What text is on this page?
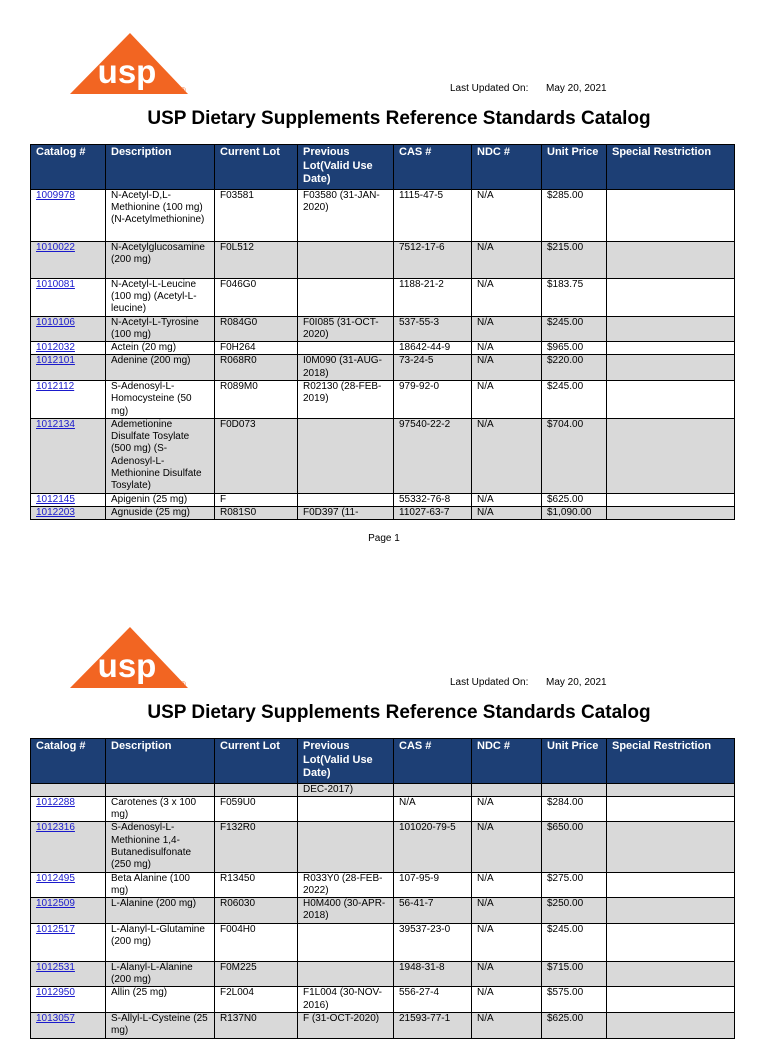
usp
®	Last Updated On: May 20, 2021
USP Dietary Supplements Reference Standards Catalog
Catalog #	Description	Current Lot	Previous Lot(Valid Use Date)	CAS #	NDC #	Unit Price	Special Restriction
1009978	N-Acetyl-D,L-Methionine (100 mg) (N-Acetylmethionine)	F03581	F03580 (31-JAN-2020)	1115-47-5	N/A	$285.00	
1010022	N-Acetylglucosamine (200 mg)	F0L512		7512-17-6	N/A	$215.00	
1010081	N-Acetyl-L-Leucine (100 mg) (Acetyl-L-leucine)	F046G0		1188-21-2	N/A	$183.75	
1010106	N-Acetyl-L-Tyrosine (100 mg)	R084G0	F0I085 (31-OCT-2020)	537-55-3	N/A	$245.00	
1012032	Actein (20 mg)	F0H264		18642-44-9	N/A	$965.00	
1012101	Adenine (200 mg)	R068R0	I0M090 (31-AUG-2018)	73-24-5	N/A	$220.00	
1012112	S-Adenosyl-L-Homocysteine (50 mg)	R089M0	R02130 (28-FEB-2019)	979-92-0	N/A	$245.00	
1012134	Ademetionine Disulfate Tosylate (500 mg) (S-Adenosyl-L-Methionine Disulfate Tosylate)	F0D073		97540-22-2	N/A	$704.00	
1012145	Apigenin (25 mg)	F		55332-76-8	N/A	$625.00	
1012203	Agnuside (25 mg)	R081S0	F0D397 (11-	11027-63-7	N/A	$1,090.00	
Page 1
usp
®	Last Updated On: May 20, 2021
USP Dietary Supplements Reference Standards Catalog
Catalog #	Description	Current Lot	Previous Lot(Valid Use Date)	CAS #	NDC #	Unit Price	Special Restriction
			DEC-2017)				
1012288	Carotenes (3 x 100 mg)	F059U0		N/A	N/A	$284.00	
1012316	S-Adenosyl-L-Methionine 1,4-Butanedisulfonate (250 mg)	F132R0		101020-79-5	N/A	$650.00	
1012495	Beta Alanine (100 mg)	R13450	R033Y0 (28-FEB-2022)	107-95-9	N/A	$275.00	
1012509	L-Alanine (200 mg)	R06030	H0M400 (30-APR-2018)	56-41-7	N/A	$250.00	
1012517	L-Alanyl-L-Glutamine (200 mg)	F004H0		39537-23-0	N/A	$245.00	
1012531	L-Alanyl-L-Alanine (200 mg)	F0M225		1948-31-8	N/A	$715.00	
1012950	Allin (25 mg)	F2L004	F1L004 (30-NOV-2016)	556-27-4	N/A	$575.00	
1013057	S-Allyl-L-Cysteine (25 mg)	R137N0	F (31-OCT-2020)	21593-77-1	N/A	$625.00	
